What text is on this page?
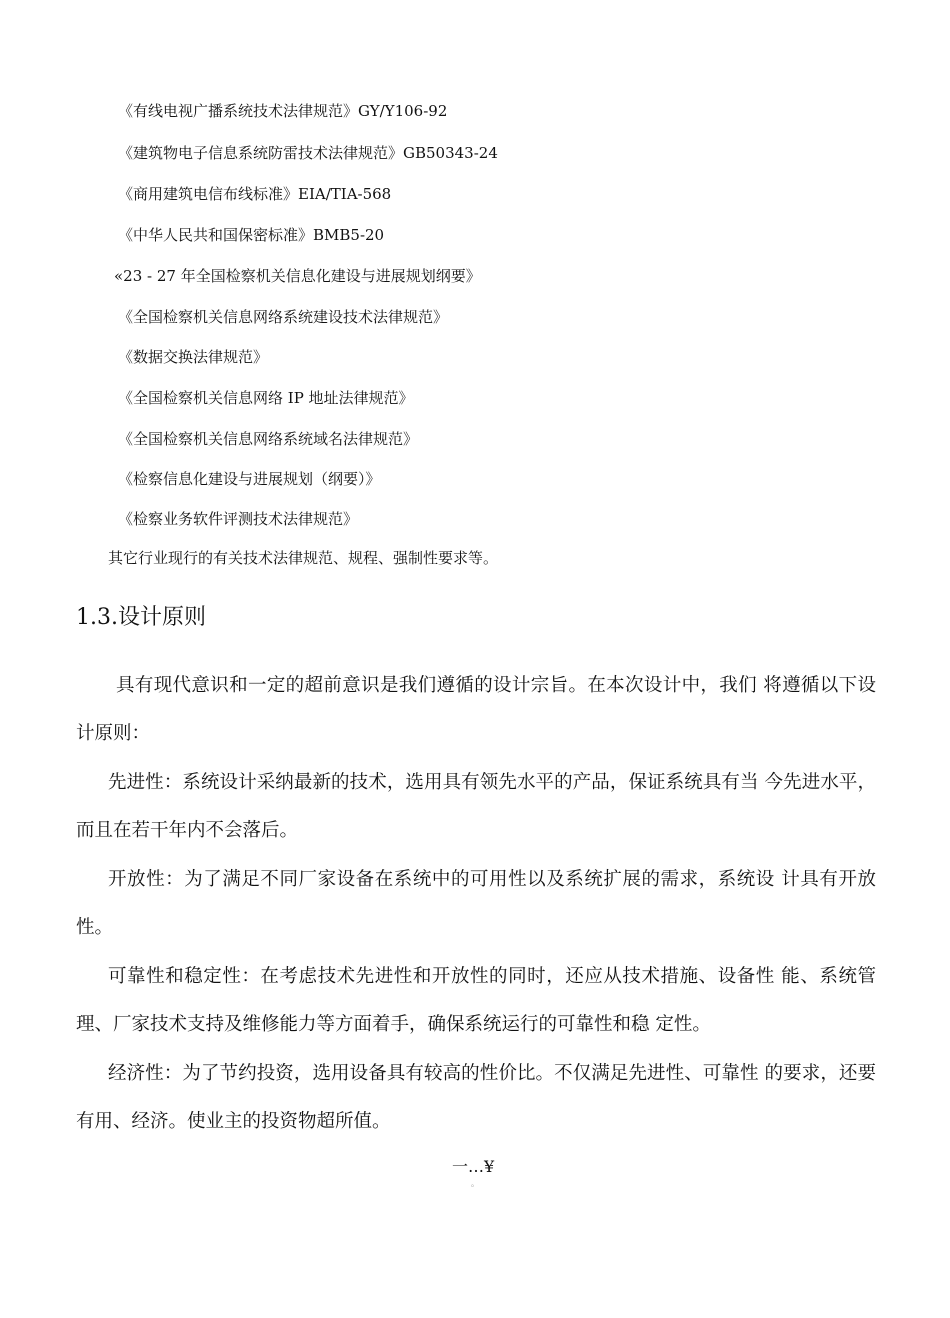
《有线电视广播系统技术法律规范》GY/Y106-92
《建筑物电子信息系统防雷技术法律规范》GB50343-24
《商用建筑电信布线标准》EIA/TIA-568
《中华人民共和国保密标准》BMB5-20
«23 - 27 年全国检察机关信息化建设与进展规划纲要》
《全国检察机关信息网络系统建设技术法律规范》
《数据交换法律规范》
《全国检察机关信息网络 IP 地址法律规范》
《全国检察机关信息网络系统域名法律规范》
《检察信息化建设与进展规划（纲要）》
《检察业务软件评测技术法律规范》
其它行业现行的有关技术法律规范、规程、强制性要求等。
1.3.设计原则

具有现代意识和一定的超前意识是我们遵循的设计宗旨。在本次设计中，我们 将遵循以下设计原则：

先进性：系统设计采纳最新的技术，选用具有领先水平的产品，保证系统具有当 今先进水平，而且在若干年内不会落后。

开放性：为了满足不同厂家设备在系统中的可用性以及系统扩展的需求，系统设 计具有开放性。

可靠性和稳定性：在考虑技术先进性和开放性的同时，还应从技术措施、设备性 能、系统管理、厂家技术支持及维修能力等方面着手，确保系统运行的可靠性和稳 定性。

经济性：为了节约投资，选用设备具有较高的性价比。不仅满足先进性、可靠性 的要求，还要有用、经济。使业主的投资物超所值。

一…¥
。
